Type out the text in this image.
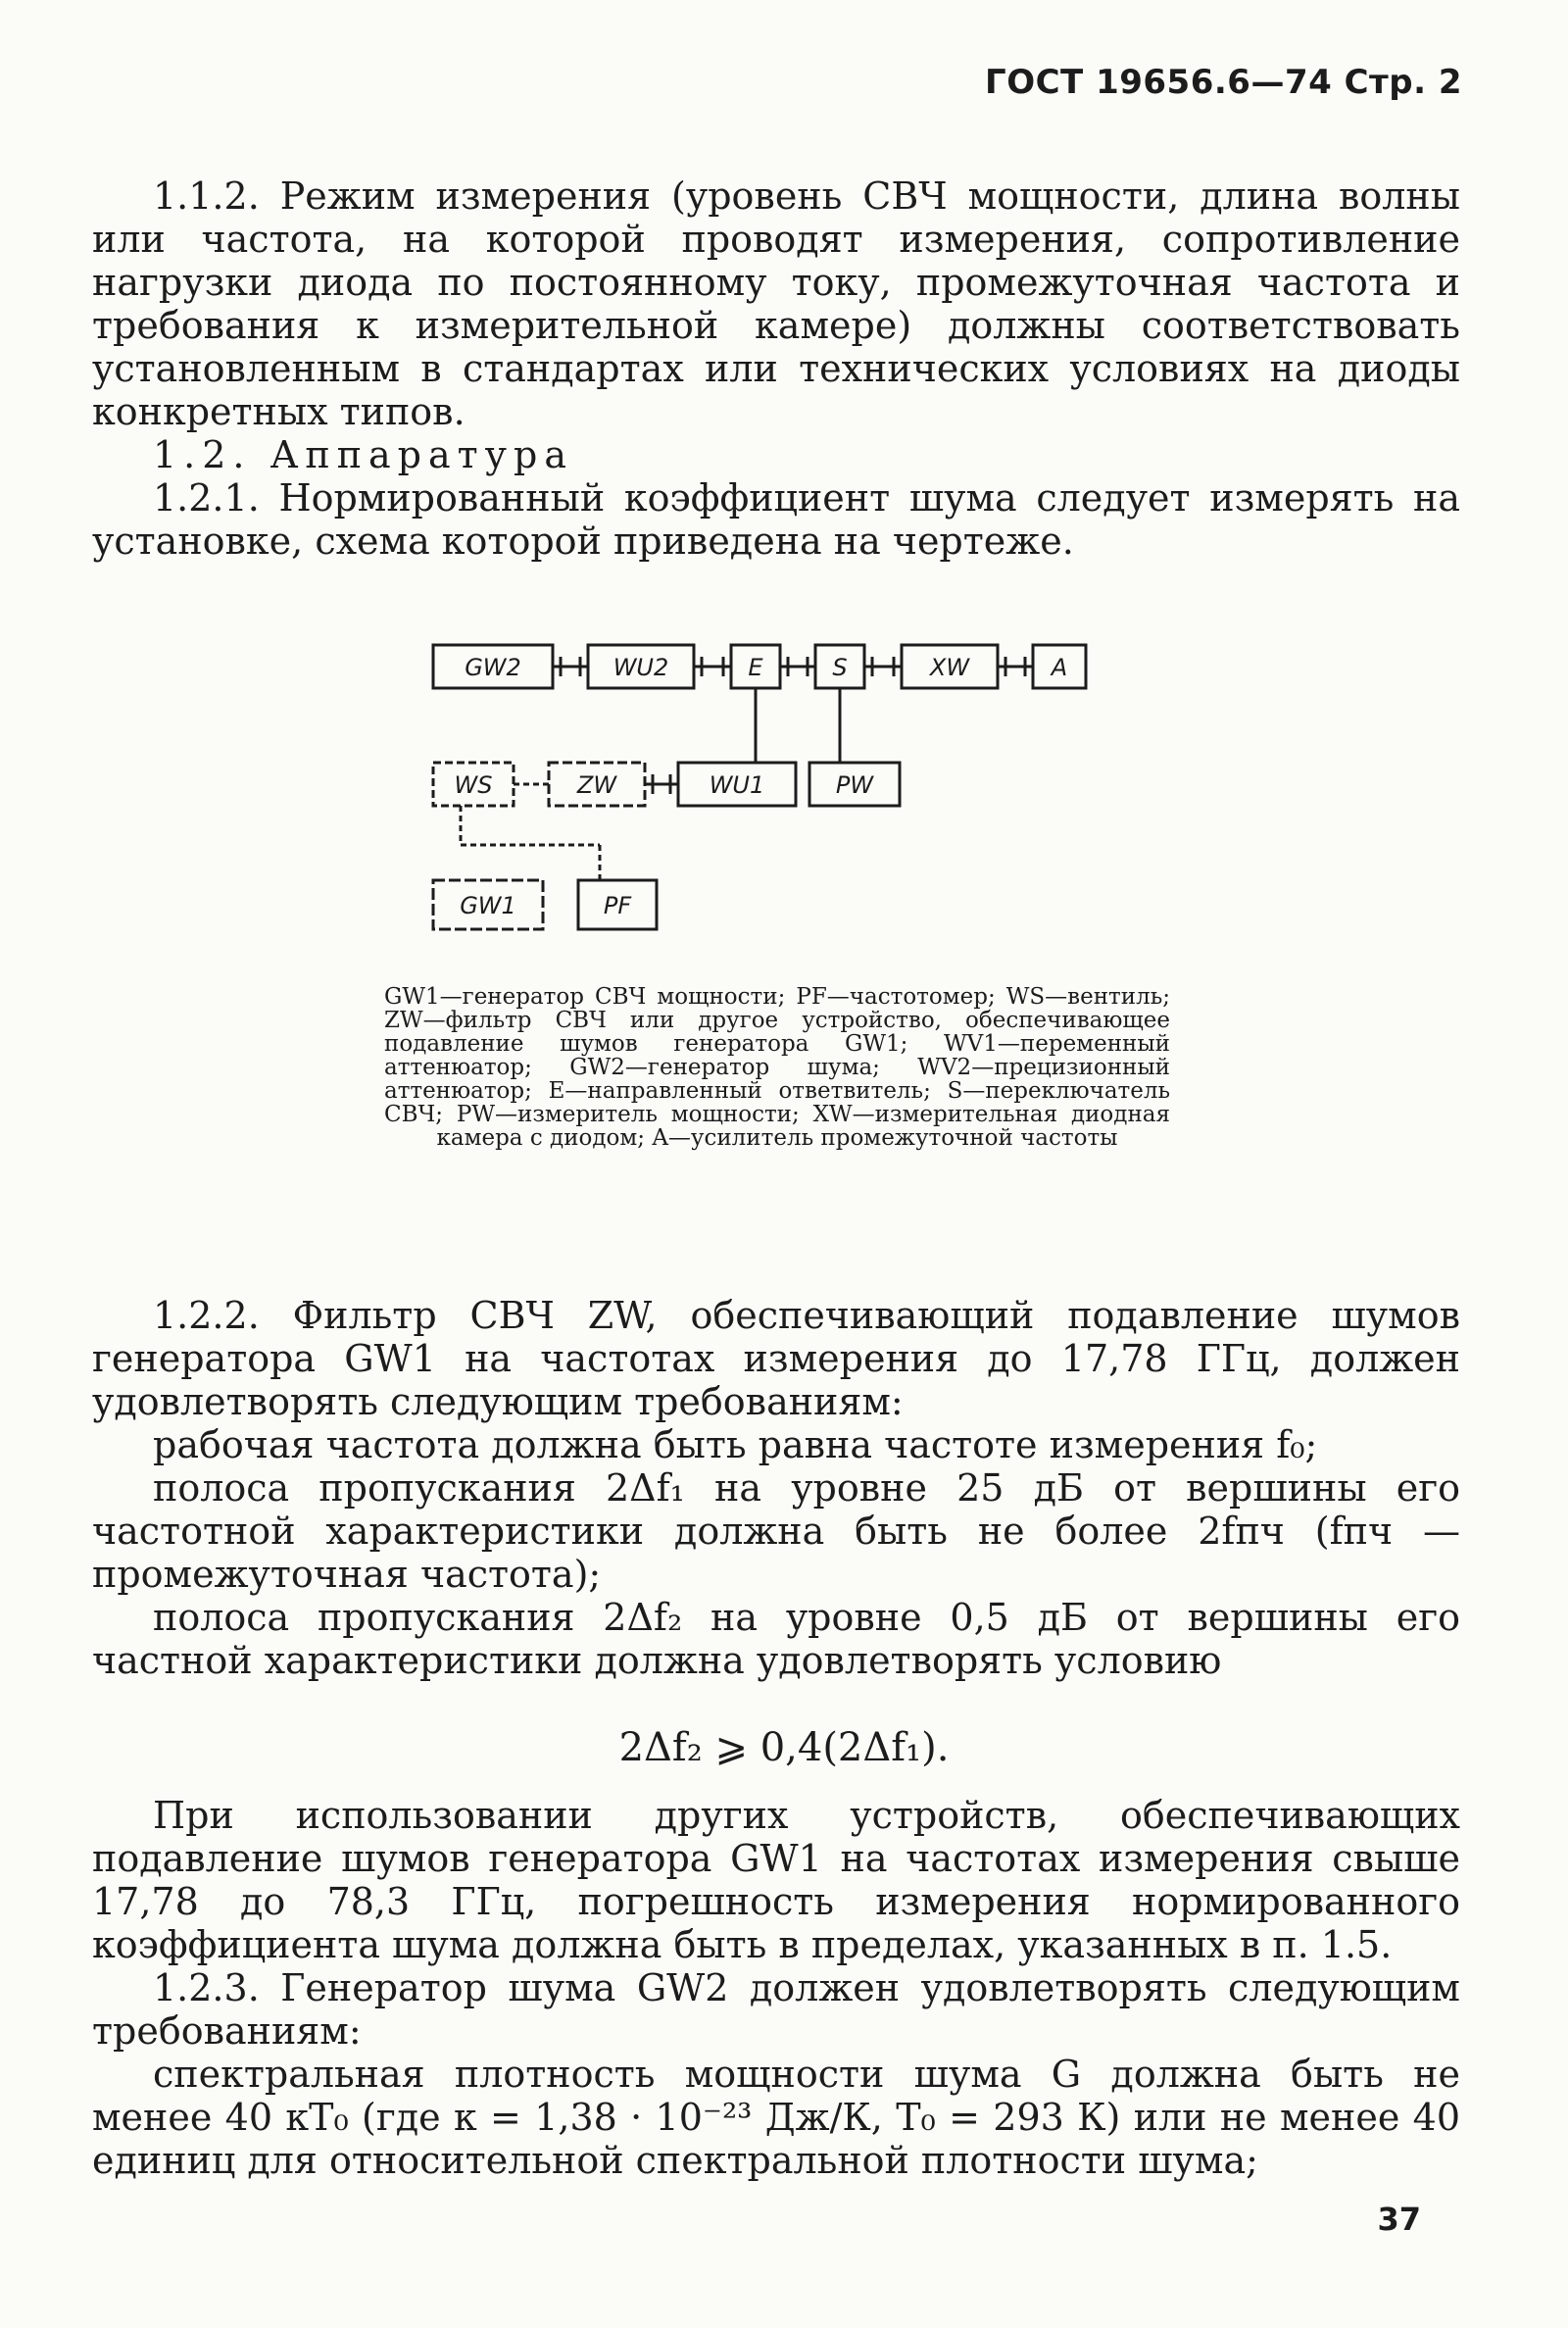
ГОСТ 19656.6—74 Стр. 2

1.1.2. Режим измерения (уровень СВЧ мощности, длина волны или частота, на которой проводят измерения, сопротивление нагрузки диода по постоянному току, промежуточная частота и требования к измерительной камере) должны соответствовать установленным в стандартах или технических условиях на диоды конкретных типов.

1.2. Аппаратура

1.2.1. Нормированный коэффициент шума следует измерять на установке, схема которой приведена на чертеже.

GW2	WU2	E	S	XW	A
WS	ZW	WU1	PW
GW1	PF
GW1—генератор СВЧ мощности; PF—частотомер; WS—вентиль; ZW—фильтр СВЧ или другое устройство, обеспечивающее подавление шумов генератора GW1; WV1—переменный аттенюатор; GW2—генератор шума; WV2—прецизионный аттенюатор; E—направленный ответвитель; S—переключатель СВЧ; PW—измеритель мощности; XW—измерительная диодная камера с диодом; A—усилитель промежуточной частоты

1.2.2. Фильтр СВЧ ZW, обеспечивающий подавление шумов генератора GW1 на частотах измерения до 17,78 ГГц, должен удовлетворять следующим требованиям:

рабочая частота должна быть равна частоте измерения f₀;

полоса пропускания 2Δf₁ на уровне 25 дБ от вершины его частотной характеристики должна быть не более 2fпч (fпч — промежуточная частота);

полоса пропускания 2Δf₂ на уровне 0,5 дБ от вершины его частной характеристики должна удовлетворять условию

2Δf₂ ⩾ 0,4(2Δf₁).

При использовании других устройств, обеспечивающих подавление шумов генератора GW1 на частотах измерения свыше 17,78 до 78,3 ГГц, погрешность измерения нормированного коэффициента шума должна быть в пределах, указанных в п. 1.5.

1.2.3. Генератор шума GW2 должен удовлетворять следующим требованиям:

спектральная плотность мощности шума G должна быть не менее 40 кT₀ (где к = 1,38 · 10⁻²³ Дж/К, T₀ = 293 К) или не менее 40 единиц для относительной спектральной плотности шума;

37
